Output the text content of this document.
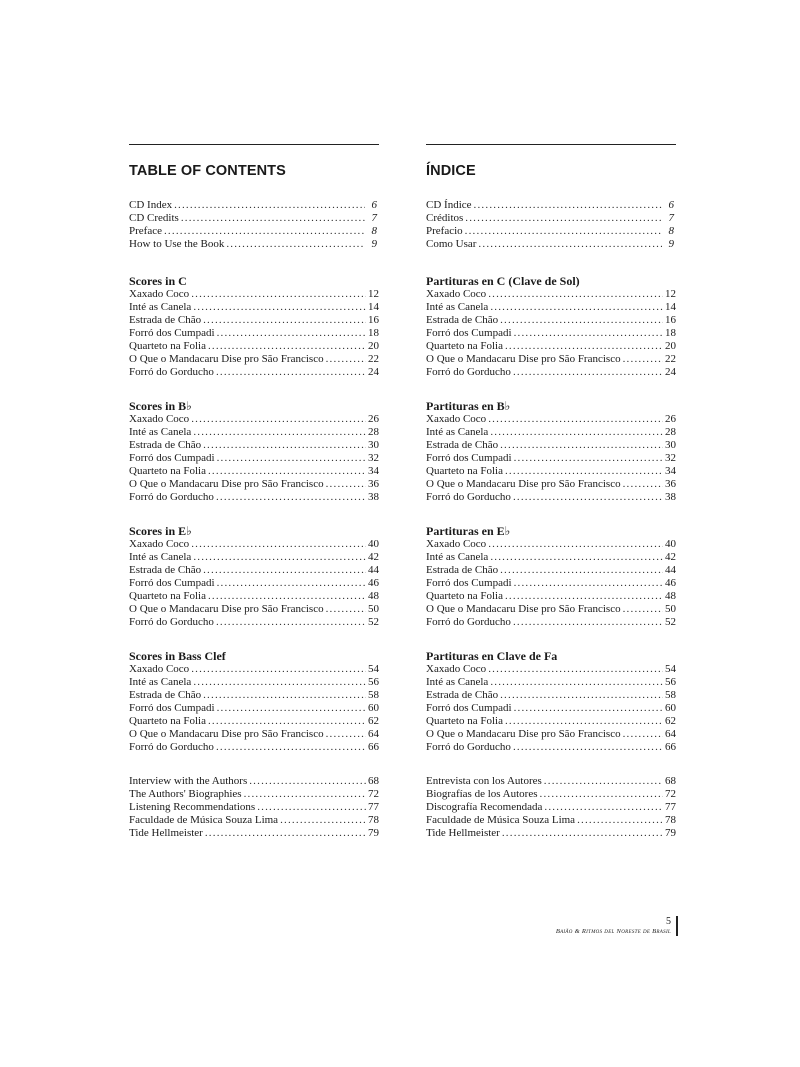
TABLE OF CONTENTS
CD Index .....	6
CD Credits .....	7
Preface .....	8
How to Use the Book .....	9
Scores in C
Xaxado Coco .....	12
Inté as Canela .....	14
Estrada de Chão .....	16
Forró dos Cumpadi .....	18
Quarteto na Folia .....	20
O Que o Mandacaru Dise pro São Francisco .....	22
Forró do Gorducho .....	24
Scores in B♭
Xaxado Coco .....	26
Inté as Canela .....	28
Estrada de Chão .....	30
Forró dos Cumpadi .....	32
Quarteto na Folia .....	34
O Que o Mandacaru Dise pro São Francisco .....	36
Forró do Gorducho .....	38
Scores in E♭
Xaxado Coco .....	40
Inté as Canela .....	42
Estrada de Chão .....	44
Forró dos Cumpadi .....	46
Quarteto na Folia .....	48
O Que o Mandacaru Dise pro São Francisco .....	50
Forró do Gorducho .....	52
Scores in Bass Clef
Xaxado Coco .....	54
Inté as Canela .....	56
Estrada de Chão .....	58
Forró dos Cumpadi .....	60
Quarteto na Folia .....	62
O Que o Mandacaru Dise pro São Francisco .....	64
Forró do Gorducho .....	66
Interview with the Authors .....	68
The Authors' Biographies .....	72
Listening Recommendations .....	77
Faculdade de Música Souza Lima .....	78
Tide Hellmeister .....	79
ÍNDICE
CD Índice .....	6
Créditos .....	7
Prefacio .....	8
Como Usar .....	9
Partituras en C (Clave de Sol)
Xaxado Coco .....	12
Inté as Canela .....	14
Estrada de Chão .....	16
Forró dos Cumpadi .....	18
Quarteto na Folia .....	20
O Que o Mandacaru Dise pro São Francisco .....	22
Forró do Gorducho .....	24
Partituras en B♭
Xaxado Coco .....	26
Inté as Canela .....	28
Estrada de Chão .....	30
Forró dos Cumpadi .....	32
Quarteto na Folia .....	34
O Que o Mandacaru Dise pro São Francisco .....	36
Forró do Gorducho .....	38
Partituras en E♭
Xaxado Coco .....	40
Inté as Canela .....	42
Estrada de Chão .....	44
Forró dos Cumpadi .....	46
Quarteto na Folia .....	48
O Que o Mandacaru Dise pro São Francisco .....	50
Forró do Gorducho .....	52
Partituras en Clave de Fa
Xaxado Coco .....	54
Inté as Canela .....	56
Estrada de Chão .....	58
Forró dos Cumpadi .....	60
Quarteto na Folia .....	62
O Que o Mandacaru Dise pro São Francisco .....	64
Forró do Gorducho .....	66
Entrevista con los Autores .....	68
Biografías de los Autores .....	72
Discografía Recomendada .....	77
Faculdade de Música Souza Lima .....	78
Tide Hellmeister .....	79
5
Baião & Ritmos del Noreste de Brasil
